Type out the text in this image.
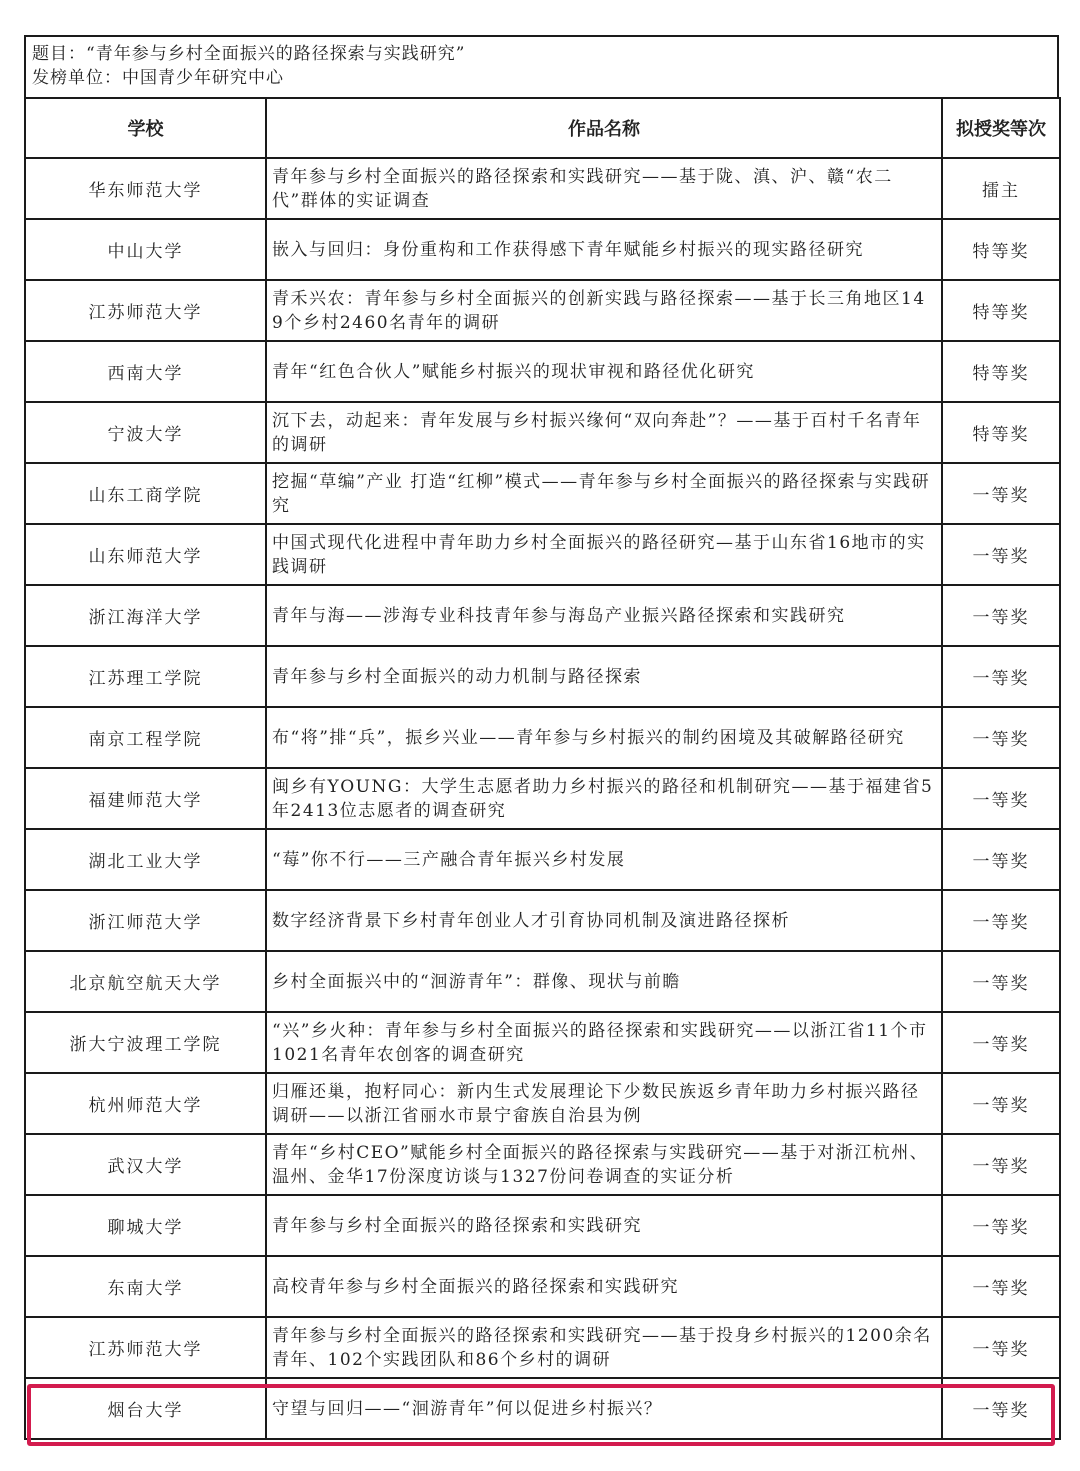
题目：“青年参与乡村全面振兴的路径探索与实践研究”
发榜单位：中国青少年研究中心
学校	作品名称	拟授奖等次
华东师范大学	青年参与乡村全面振兴的路径探索和实践研究——基于陇、滇、沪、赣“农二代”群体的实证调查	擂主
中山大学	嵌入与回归：身份重构和工作获得感下青年赋能乡村振兴的现实路径研究	特等奖
江苏师范大学	青禾兴农：青年参与乡村全面振兴的创新实践与路径探索——基于长三角地区149个乡村2460名青年的调研	特等奖
西南大学	青年“红色合伙人”赋能乡村振兴的现状审视和路径优化研究	特等奖
宁波大学	沉下去，动起来：青年发展与乡村振兴缘何“双向奔赴”？——基于百村千名青年的调研	特等奖
山东工商学院	挖掘“草编”产业 打造“红柳”模式——青年参与乡村全面振兴的路径探索与实践研究	一等奖
山东师范大学	中国式现代化进程中青年助力乡村全面振兴的路径研究—基于山东省16地市的实践调研	一等奖
浙江海洋大学	青年与海——涉海专业科技青年参与海岛产业振兴路径探索和实践研究	一等奖
江苏理工学院	青年参与乡村全面振兴的动力机制与路径探索	一等奖
南京工程学院	布“将”排“兵”，振乡兴业——青年参与乡村振兴的制约困境及其破解路径研究	一等奖
福建师范大学	闽乡有YOUNG：大学生志愿者助力乡村振兴的路径和机制研究——基于福建省5年2413位志愿者的调查研究	一等奖
湖北工业大学	“莓”你不行——三产融合青年振兴乡村发展	一等奖
浙江师范大学	数字经济背景下乡村青年创业人才引育协同机制及演进路径探析	一等奖
北京航空航天大学	乡村全面振兴中的“洄游青年”：群像、现状与前瞻	一等奖
浙大宁波理工学院	“兴”乡火种：青年参与乡村全面振兴的路径探索和实践研究——以浙江省11个市1021名青年农创客的调查研究	一等奖
杭州师范大学	归雁还巢，抱籽同心：新内生式发展理论下少数民族返乡青年助力乡村振兴路径调研——以浙江省丽水市景宁畲族自治县为例	一等奖
武汉大学	青年“乡村CEO”赋能乡村全面振兴的路径探索与实践研究——基于对浙江杭州、温州、金华17份深度访谈与1327份问卷调查的实证分析	一等奖
聊城大学	青年参与乡村全面振兴的路径探索和实践研究	一等奖
东南大学	高校青年参与乡村全面振兴的路径探索和实践研究	一等奖
江苏师范大学	青年参与乡村全面振兴的路径探索和实践研究——基于投身乡村振兴的1200余名青年、102个实践团队和86个乡村的调研	一等奖
烟台大学	守望与回归——“洄游青年”何以促进乡村振兴？	一等奖
